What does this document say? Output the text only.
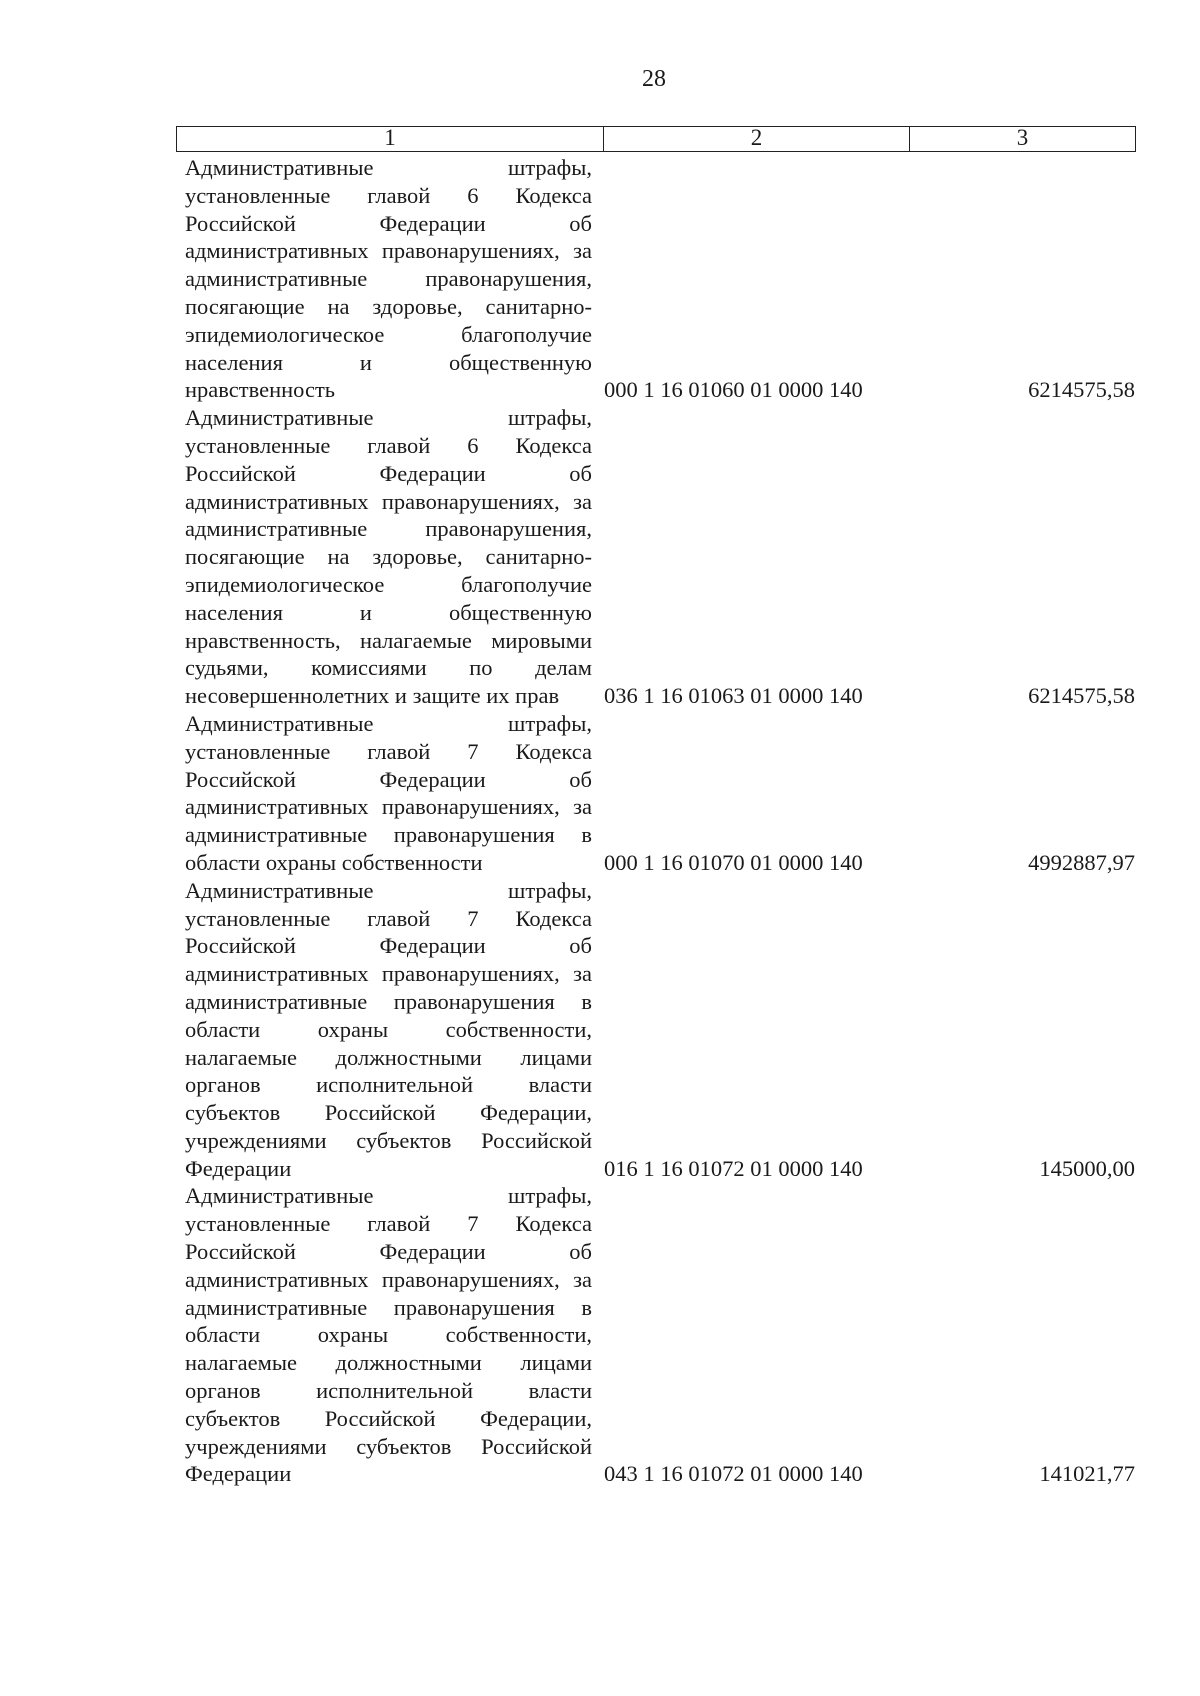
28
1	2	3
Административные штрафы, установленные главой 6 Кодекса Российской Федерации об административных правонарушениях, за административные правонарушения, посягающие на здоровье, санитарно-эпидемиологическое благополучие населения и общественную нравственность	000 1 16 01060 01 0000 140	6214575,58
Административные штрафы, установленные главой 6 Кодекса Российской Федерации об административных правонарушениях, за административные правонарушения, посягающие на здоровье, санитарно-эпидемиологическое благополучие населения и общественную нравственность, налагаемые мировыми судьями, комиссиями по делам несовершеннолетних и защите их прав	036 1 16 01063 01 0000 140	6214575,58
Административные штрафы, установленные главой 7 Кодекса Российской Федерации об административных правонарушениях, за административные правонарушения в области охраны собственности	000 1 16 01070 01 0000 140	4992887,97
Административные штрафы, установленные главой 7 Кодекса Российской Федерации об административных правонарушениях, за административные правонарушения в области охраны собственности, налагаемые должностными лицами органов исполнительной власти субъектов Российской Федерации, учреждениями субъектов Российской Федерации	016 1 16 01072 01 0000 140	145000,00
Административные штрафы, установленные главой 7 Кодекса Российской Федерации об административных правонарушениях, за административные правонарушения в области охраны собственности, налагаемые должностными лицами органов исполнительной власти субъектов Российской Федерации, учреждениями субъектов Российской Федерации	043 1 16 01072 01 0000 140	141021,77
